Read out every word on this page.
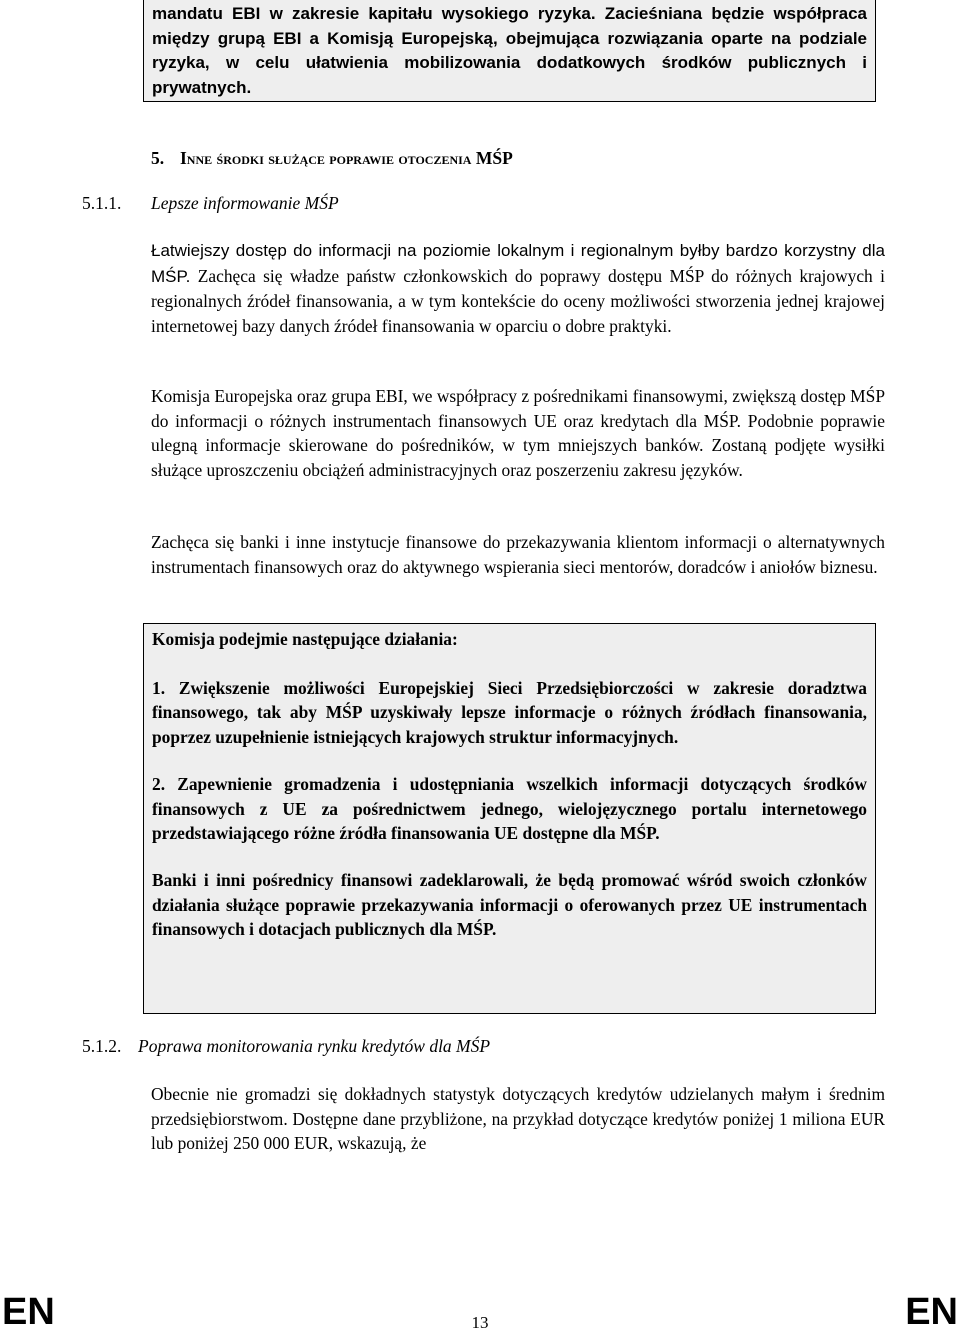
mandatu EBI w zakresie kapitału wysokiego ryzyka. Zacieśniana będzie współpraca między grupą EBI a Komisją Europejską, obejmująca rozwiązania oparte na podziale ryzyka, w celu ułatwienia mobilizowania dodatkowych środków publicznych i prywatnych.
5. Inne środki służące poprawie otoczenia MŚP
5.1.1. Lepsze informowanie MŚP

Łatwiejszy dostęp do informacji na poziomie lokalnym i regionalnym byłby bardzo korzystny dla MŚP. Zachęca się władze państw członkowskich do poprawy dostępu MŚP do różnych krajowych i regionalnych źródeł finansowania, a w tym kontekście do oceny możliwości stworzenia jednej krajowej internetowej bazy danych źródeł finansowania w oparciu o dobre praktyki.

Komisja Europejska oraz grupa EBI, we współpracy z pośrednikami finansowymi, zwiększą dostęp MŚP do informacji o różnych instrumentach finansowych UE oraz kredytach dla MŚP. Podobnie poprawie ulegną informacje skierowane do pośredników, w tym mniejszych banków. Zostaną podjęte wysiłki służące uproszczeniu obciążeń administracyjnych oraz poszerzeniu zakresu języków.

Zachęca się banki i inne instytucje finansowe do przekazywania klientom informacji o alternatywnych instrumentach finansowych oraz do aktywnego wspierania sieci mentorów, doradców i aniołów biznesu.

Komisja podejmie następujące działania:

1. Zwiększenie możliwości Europejskiej Sieci Przedsiębiorczości w zakresie doradztwa finansowego, tak aby MŚP uzyskiwały lepsze informacje o różnych źródłach finansowania, poprzez uzupełnienie istniejących krajowych struktur informacyjnych.

2. Zapewnienie gromadzenia i udostępniania wszelkich informacji dotyczących środków finansowych z UE za pośrednictwem jednego, wielojęzycznego portalu internetowego przedstawiającego różne źródła finansowania UE dostępne dla MŚP.

Banki i inni pośrednicy finansowi zadeklarowali, że będą promować wśród swoich członków działania służące poprawie przekazywania informacji o oferowanych przez UE instrumentach finansowych i dotacjach publicznych dla MŚP.

5.1.2. Poprawa monitorowania rynku kredytów dla MŚP

Obecnie nie gromadzi się dokładnych statystyk dotyczących kredytów udzielanych małym i średnim przedsiębiorstwom. Dostępne dane przybliżone, na przykład dotyczące kredytów poniżej 1 miliona EUR lub poniżej 250 000 EUR, wskazują, że

EN	13	EN
